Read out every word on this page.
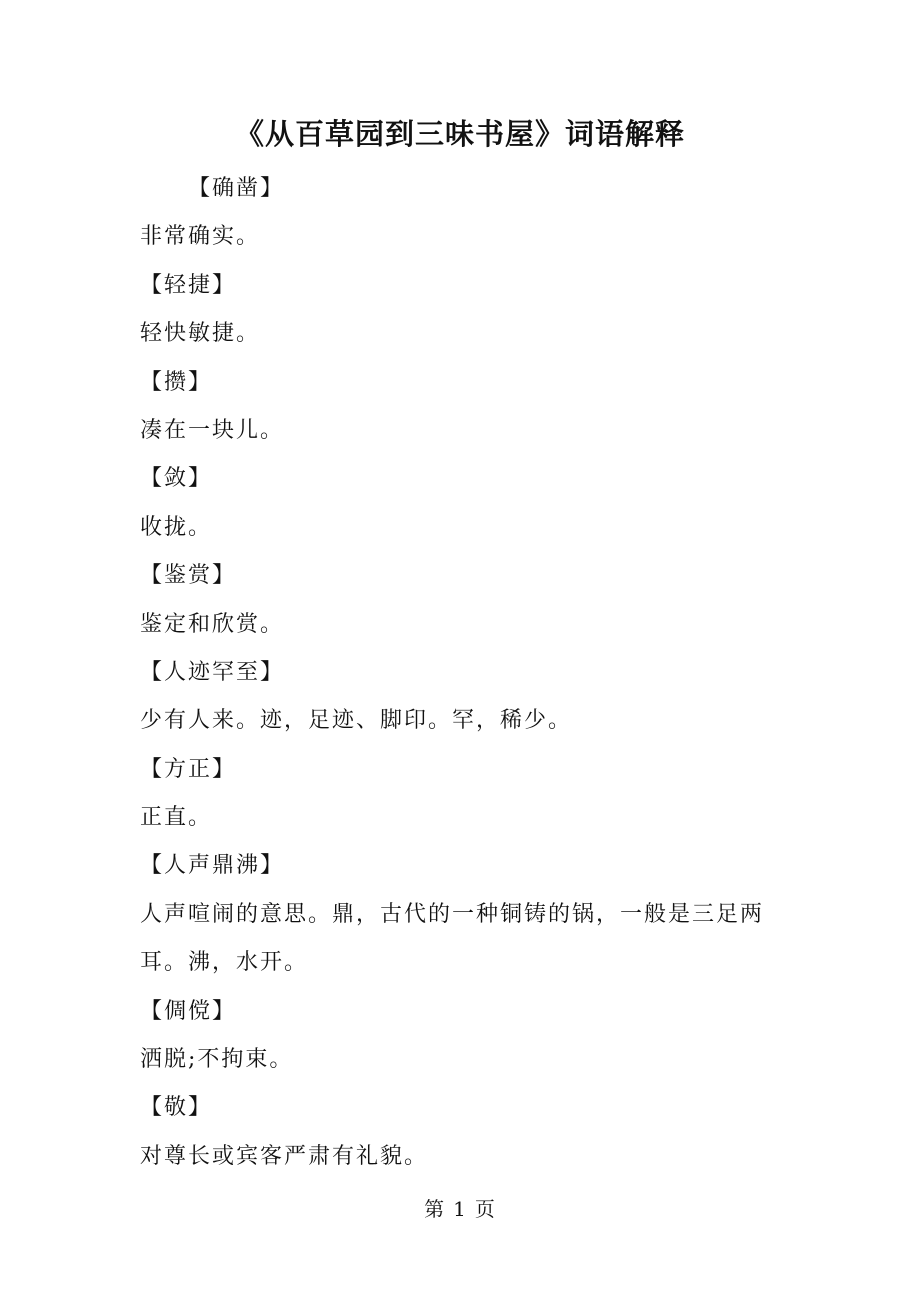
《从百草园到三味书屋》词语解释
【确凿】
非常确实。
【轻捷】
轻快敏捷。
【攒】
凑在一块儿。
【敛】
收拢。
【鉴赏】
鉴定和欣赏。
【人迹罕至】
少有人来。迹，足迹、脚印。罕，稀少。
【方正】
正直。
【人声鼎沸】
人声喧闹的意思。鼎，古代的一种铜铸的锅，一般是三足两
耳。沸，水开。
【倜傥】
洒脱;不拘束。
【敬】
对尊长或宾客严肃有礼貌。
第 1 页
